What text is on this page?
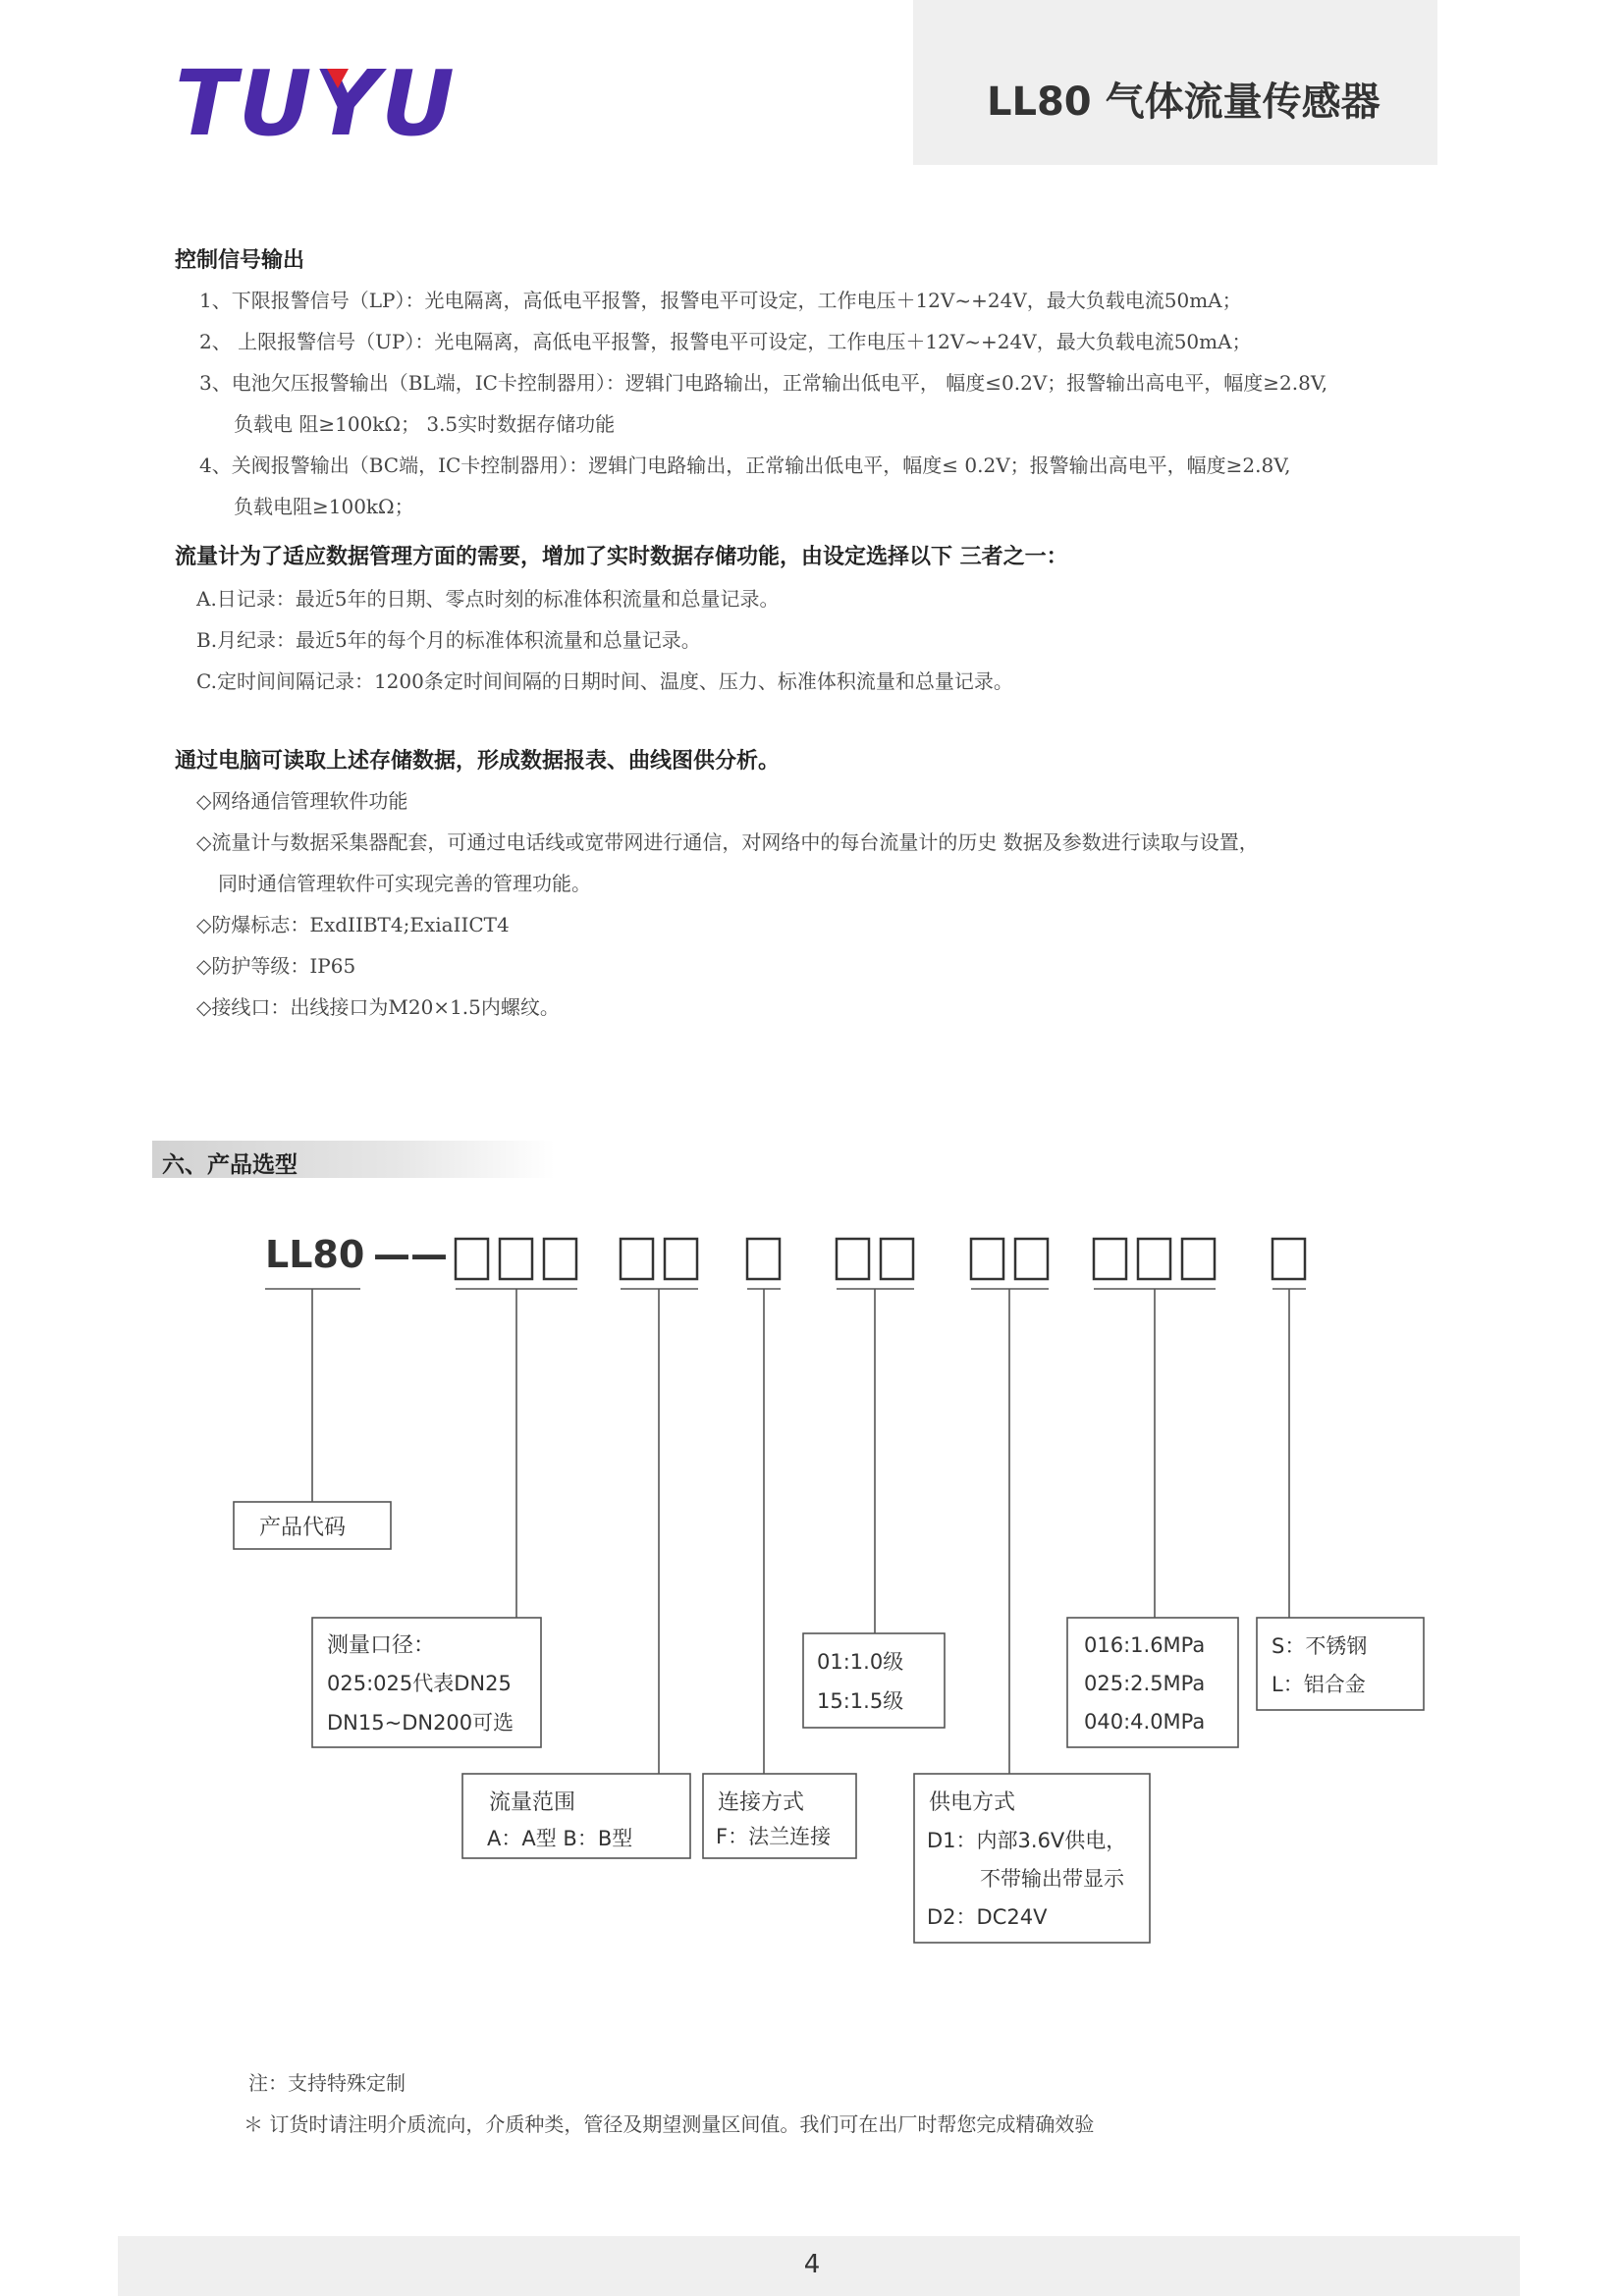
TUYU	LL80 气体流量传感器
控制信号输出
1、下限报警信号（LP）：光电隔离，高低电平报警，报警电平可设定，工作电压＋12V~+24V，最大负载电流50mA；
2、 上限报警信号（UP）：光电隔离，高低电平报警，报警电平可设定，工作电压＋12V~+24V，最大负载电流50mA；
3、电池欠压报警输出（BL端，IC卡控制器用）：逻辑门电路输出，正常输出低电平， 幅度≤0.2V；报警输出高电平，幅度≥2.8V,
负载电 阻≥100kΩ； 3.5实时数据存储功能
4、关阀报警输出（BC端，IC卡控制器用）：逻辑门电路输出，正常输出低电平，幅度≤ 0.2V；报警输出高电平，幅度≥2.8V,
负载电阻≥100kΩ；
流量计为了适应数据管理方面的需要，增加了实时数据存储功能，由设定选择以下 三者之一：
A.日记录：最近5年的日期、零点时刻的标准体积流量和总量记录。
B.月纪录：最近5年的每个月的标准体积流量和总量记录。
C.定时间间隔记录：1200条定时间间隔的日期时间、温度、压力、标准体积流量和总量记录。
通过电脑可读取上述存储数据，形成数据报表、曲线图供分析。
◇网络通信管理软件功能
◇流量计与数据采集器配套，可通过电话线或宽带网进行通信，对网络中的每台流量计的历史 数据及参数进行读取与设置，
同时通信管理软件可实现完善的管理功能。
◇防爆标志：ExdIIBT4;ExiaIICT4
◇防护等级：IP65
◇接线口：出线接口为M20×1.5内螺纹。
六、产品选型
LL80 ——
产品代码
测量口径：
025:025代表DN25
DN15~DN200可选
流量范围
A：A型 B：B型
连接方式
F：法兰连接
01:1.0级
15:1.5级
供电方式
D1：内部3.6V供电，
不带输出带显示
D2：DC24V
016:1.6MPa
025:2.5MPa
040:4.0MPa
S：不锈钢
L：铝合金
注：支持特殊定制
＊ 订货时请注明介质流向，介质种类，管径及期望测量区间值。我们可在出厂时帮您完成精确效验
4
